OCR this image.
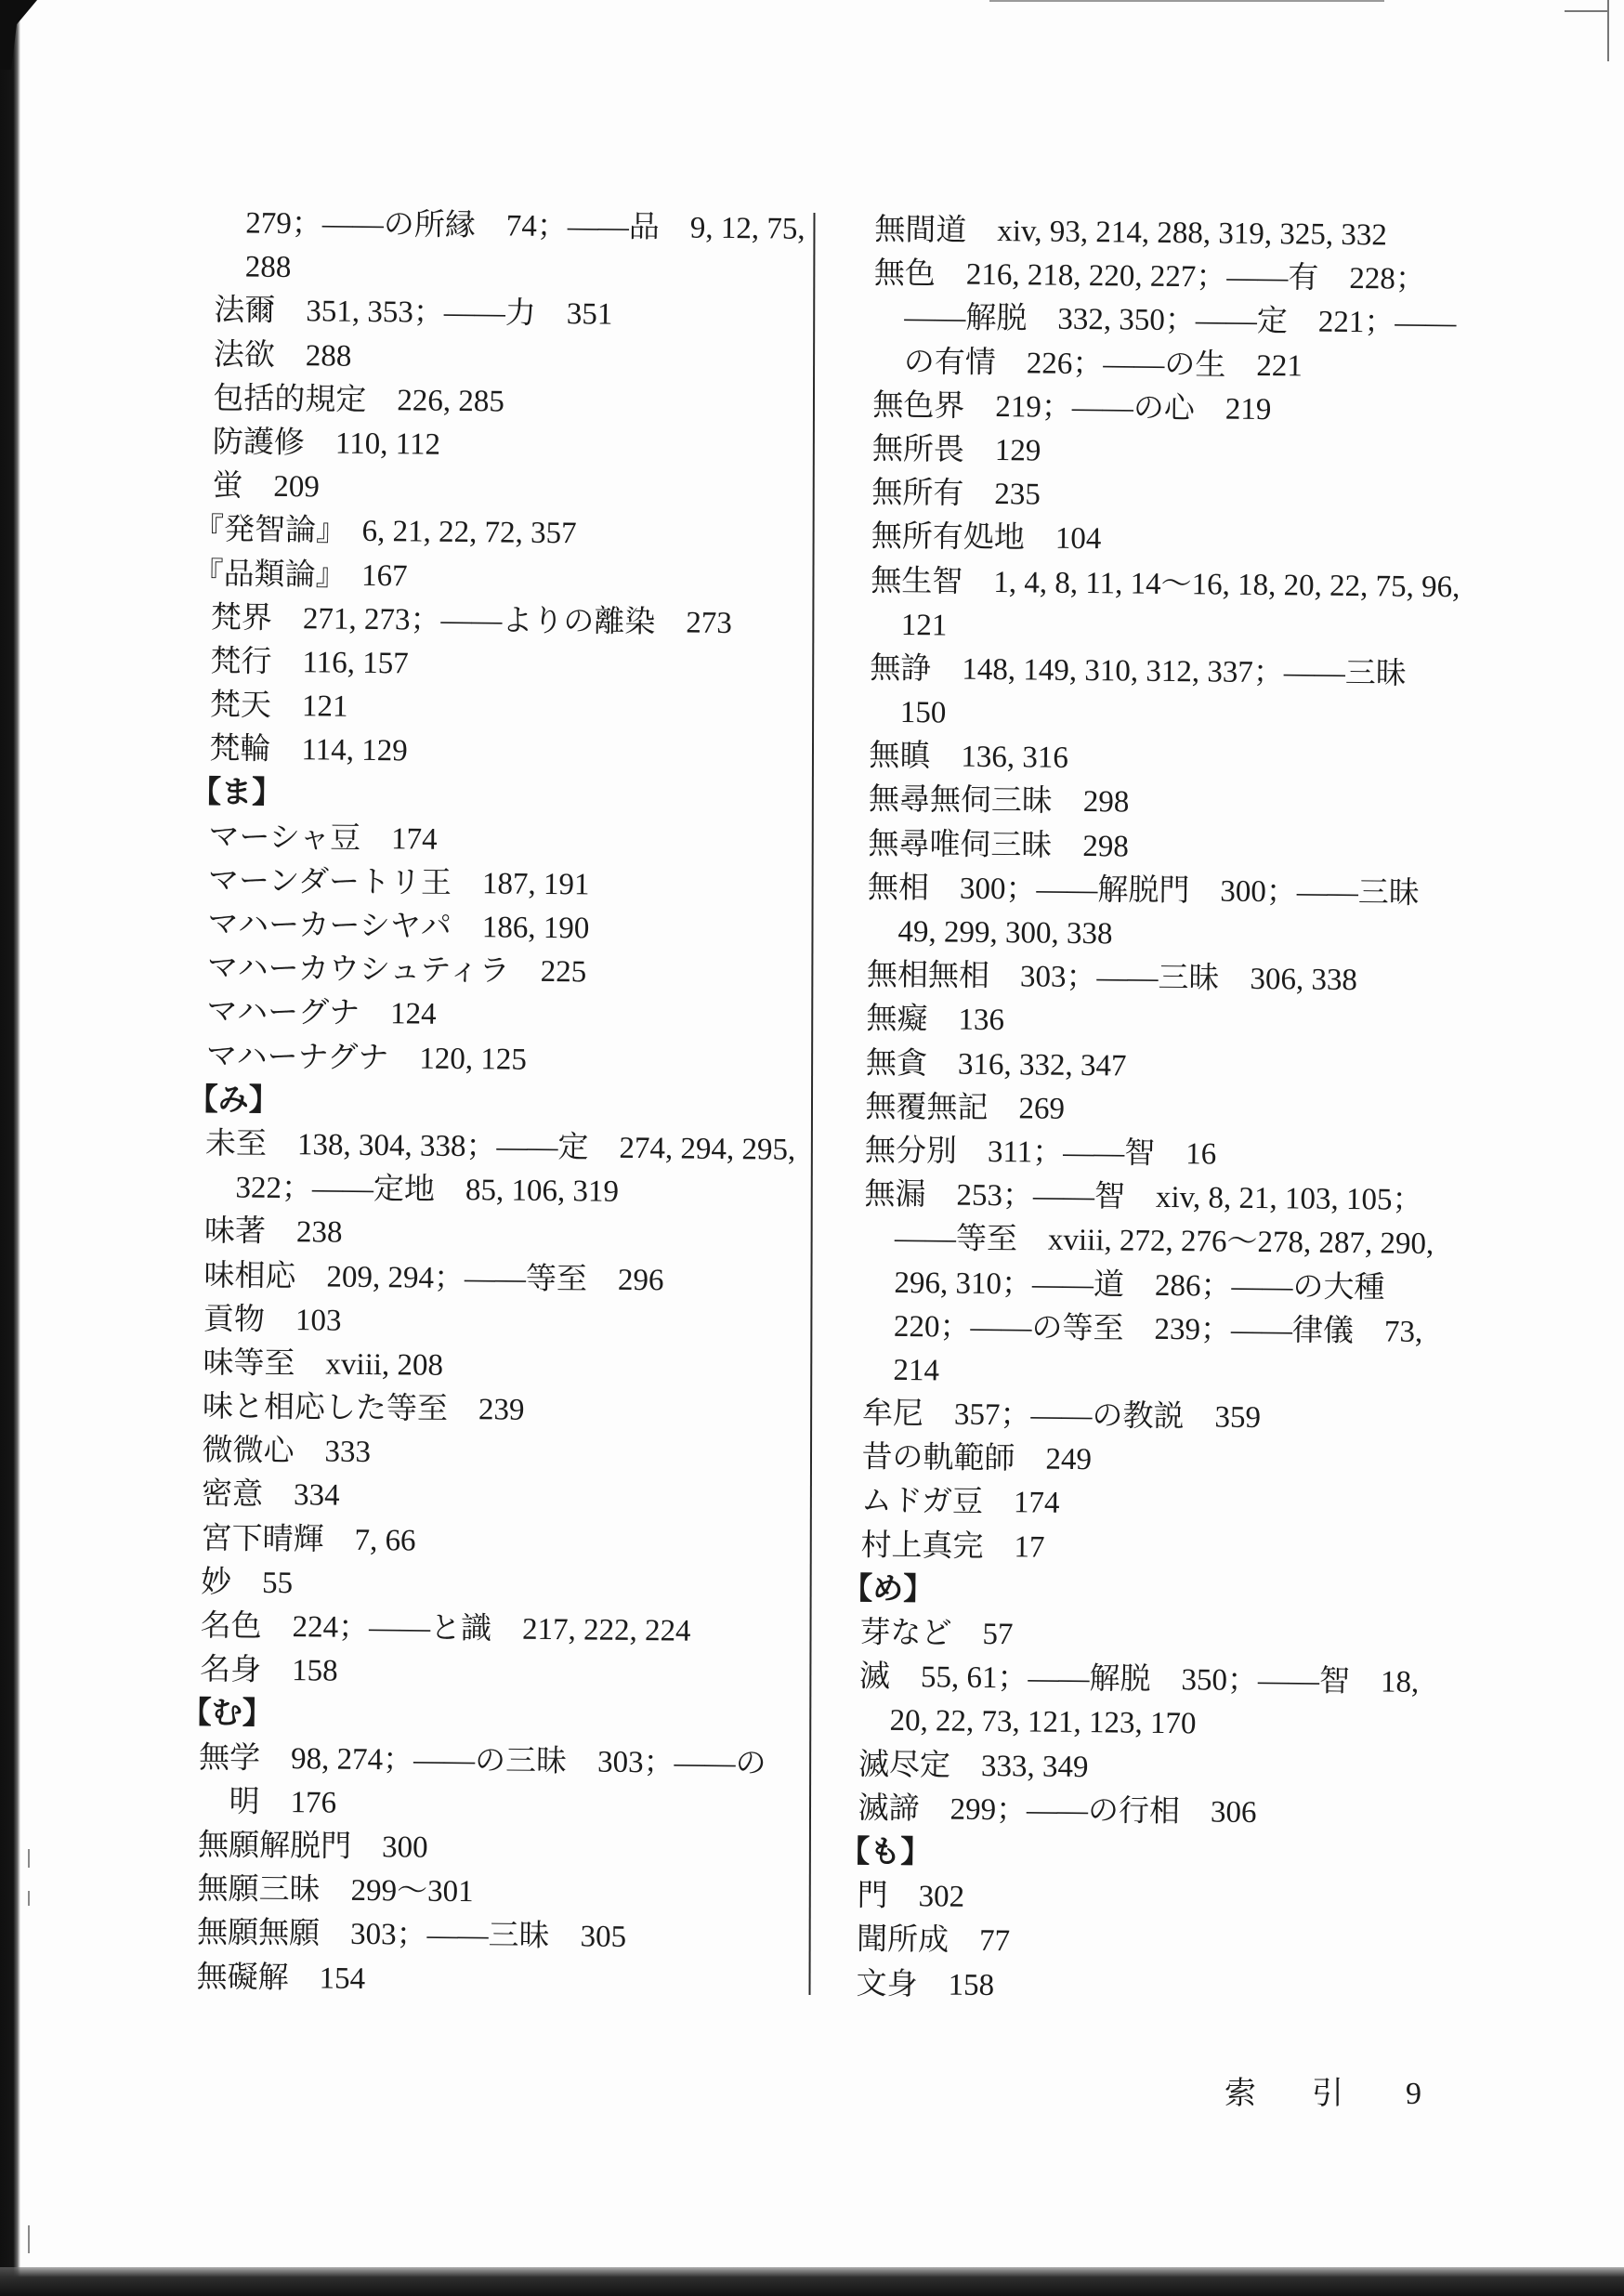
279；——の所縁　74；——品　9, 12, 75,
288
法爾　351, 353；——力　351
法欲　288
包括的規定　226, 285
防護修　110, 112
蛍　209
『発智論』　6, 21, 22, 72, 357
『品類論』　167
梵界　271, 273；——よりの離染　273
梵行　116, 157
梵天　121
梵輪　114, 129
【ま】
マーシャ豆　174
マーンダートリ王　187, 191
マハーカーシヤパ　186, 190
マハーカウシュティラ　225
マハーグナ　124
マハーナグナ　120, 125
【み】
未至　138, 304, 338；——定　274, 294, 295,
322；——定地　85, 106, 319
味著　238
味相応　209, 294；——等至　296
貢物　103
味等至　xviii, 208
味と相応した等至　239
微微心　333
密意　334
宮下晴輝　7, 66
妙　55
名色　224；——と識　217, 222, 224
名身　158
【む】
無学　98, 274；——の三昧　303；——の
明　176
無願解脱門　300
無願三昧　299〜301
無願無願　303；——三昧　305
無礙解　154
無間道　xiv, 93, 214, 288, 319, 325, 332
無色　216, 218, 220, 227；——有　228；
——解脱　332, 350；——定　221；——
の有情　226；——の生　221
無色界　219；——の心　219
無所畏　129
無所有　235
無所有処地　104
無生智　1, 4, 8, 11, 14〜16, 18, 20, 22, 75, 96,
121
無諍　148, 149, 310, 312, 337；——三昧
150
無瞋　136, 316
無尋無伺三昧　298
無尋唯伺三昧　298
無相　300；——解脱門　300；——三昧
49, 299, 300, 338
無相無相　303；——三昧　306, 338
無癡　136
無貪　316, 332, 347
無覆無記　269
無分別　311；——智　16
無漏　253；——智　xiv, 8, 21, 103, 105；
——等至　xviii, 272, 276〜278, 287, 290,
296, 310；——道　286；——の大種
220；——の等至　239；——律儀　73,
214
牟尼　357；——の教説　359
昔の軌範師　249
ムドガ豆　174
村上真完　17
【め】
芽など　57
滅　55, 61；——解脱　350；——智　18,
20, 22, 73, 121, 123, 170
滅尽定　333, 349
滅諦　299；——の行相　306
【も】
門　302
聞所成　77
文身　158
索　引 9
